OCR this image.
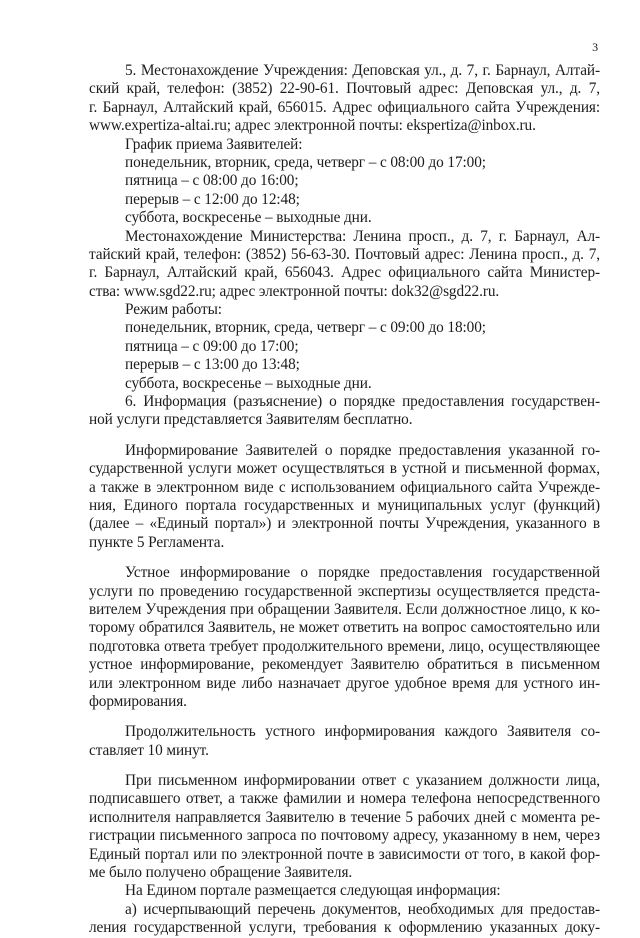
3
5. Местонахождение Учреждения: Деповская ул., д. 7, г. Барнаул, Алтай-
ский край, телефон: (3852) 22-90-61. Почтовый адрес: Деповская ул., д. 7,
г. Барнаул, Алтайский край, 656015. Адрес официального сайта Учреждения:
www.expertiza-altai.ru; адрес электронной почты: ekspertiza@inbox.ru.
График приема Заявителей:
понедельник, вторник, среда, четверг – с 08:00 до 17:00;
пятница – с 08:00 до 16:00;
перерыв – с 12:00 до 12:48;
суббота, воскресенье – выходные дни.
Местонахождение Министерства: Ленина просп., д. 7, г. Барнаул, Ал-
тайский край, телефон: (3852) 56-63-30. Почтовый адрес: Ленина просп., д. 7,
г. Барнаул, Алтайский край, 656043. Адрес официального сайта Министер-
ства: www.sgd22.ru; адрес электронной почты: dok32@sgd22.ru.
Режим работы:
понедельник, вторник, среда, четверг – с 09:00 до 18:00;
пятница – с 09:00 до 17:00;
перерыв – с 13:00 до 13:48;
суббота, воскресенье – выходные дни.
6. Информация (разъяснение) о порядке предоставления государствен-
ной услуги представляется Заявителям бесплатно.
Информирование Заявителей о порядке предоставления указанной го-
сударственной услуги может осуществляться в устной и письменной формах,
а также в электронном виде с использованием официального сайта Учрежде-
ния, Единого портала государственных и муниципальных услуг (функций)
(далее – «Единый портал») и электронной почты Учреждения, указанного в
пункте 5 Регламента.
Устное информирование о порядке предоставления государственной
услуги по проведению государственной экспертизы осуществляется предста-
вителем Учреждения при обращении Заявителя. Если должностное лицо, к ко-
торому обратился Заявитель, не может ответить на вопрос самостоятельно или
подготовка ответа требует продолжительного времени, лицо, осуществляющее
устное информирование, рекомендует Заявителю обратиться в письменном
или электронном виде либо назначает другое удобное время для устного ин-
формирования.
Продолжительность устного информирования каждого Заявителя со-
ставляет 10 минут.
При письменном информировании ответ с указанием должности лица,
подписавшего ответ, а также фамилии и номера телефона непосредственного
исполнителя направляется Заявителю в течение 5 рабочих дней с момента ре-
гистрации письменного запроса по почтовому адресу, указанному в нем, через
Единый портал или по электронной почте в зависимости от того, в какой фор-
ме было получено обращение Заявителя.
На Едином портале размещается следующая информация:
а) исчерпывающий перечень документов, необходимых для предостав-
ления государственной услуги, требования к оформлению указанных доку-
